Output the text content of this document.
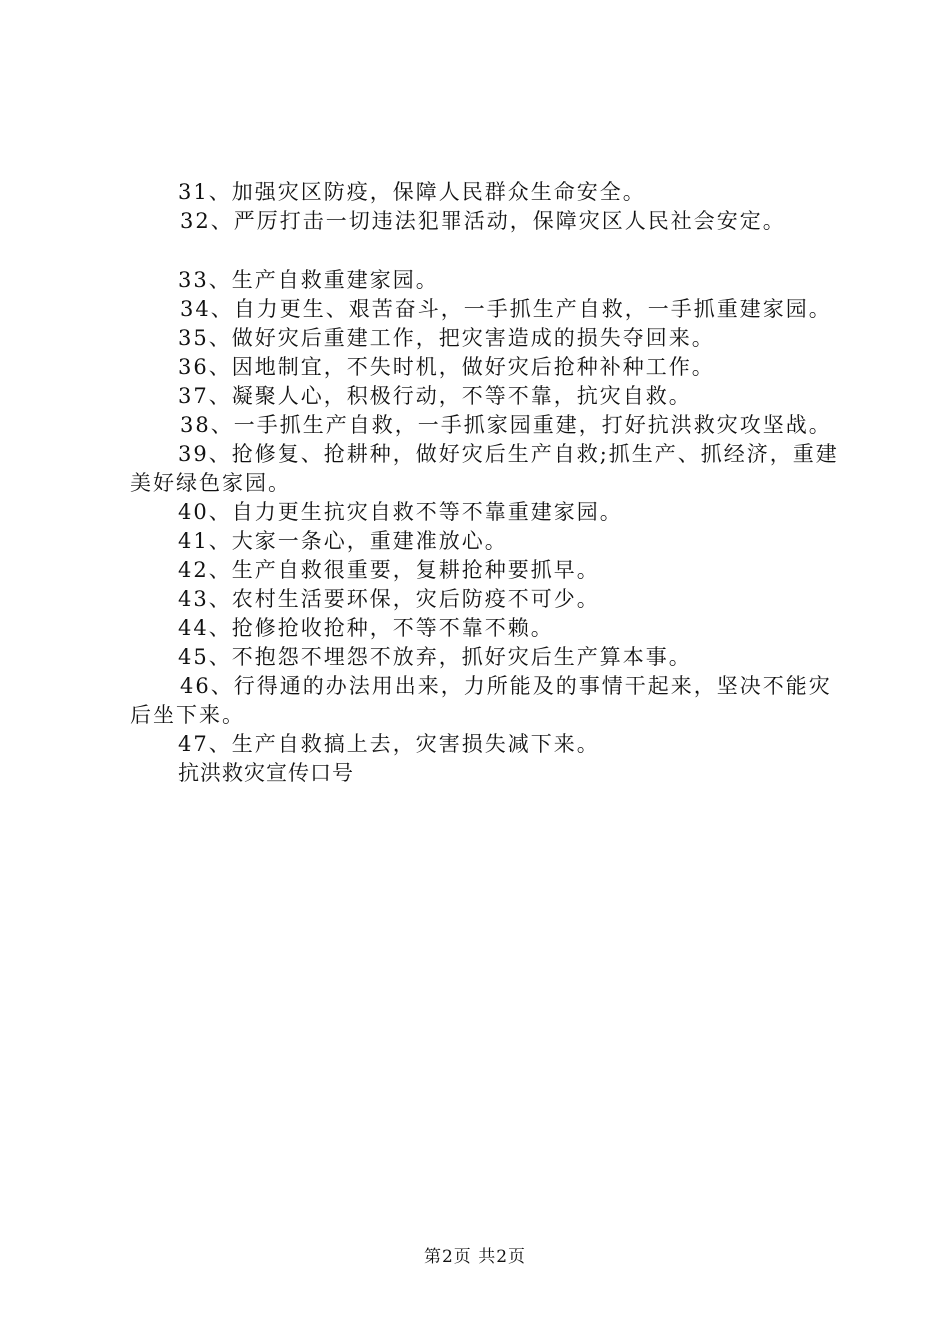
31、加强灾区防疫，保障人民群众生命安全。

32、严厉打击一切违法犯罪活动，保障灾区人民社会安定。

33、生产自救重建家园。

34、自力更生、艰苦奋斗，一手抓生产自救，一手抓重建家园。

35、做好灾后重建工作，把灾害造成的损失夺回来。

36、因地制宜，不失时机，做好灾后抢种补种工作。

37、凝聚人心，积极行动，不等不靠，抗灾自救。

38、一手抓生产自救，一手抓家园重建，打好抗洪救灾攻坚战。

39、抢修复、抢耕种，做好灾后生产自救;抓生产、抓经济，重建美好绿色家园。

40、自力更生抗灾自救不等不靠重建家园。

41、大家一条心，重建准放心。

42、生产自救很重要，复耕抢种要抓早。

43、农村生活要环保，灾后防疫不可少。

44、抢修抢收抢种，不等不靠不赖。

45、不抱怨不埋怨不放弃，抓好灾后生产算本事。

46、行得通的办法用出来，力所能及的事情干起来，坚决不能灾后坐下来。

47、生产自救搞上去，灾害损失减下来。

抗洪救灾宣传口号

第2页 共2页
